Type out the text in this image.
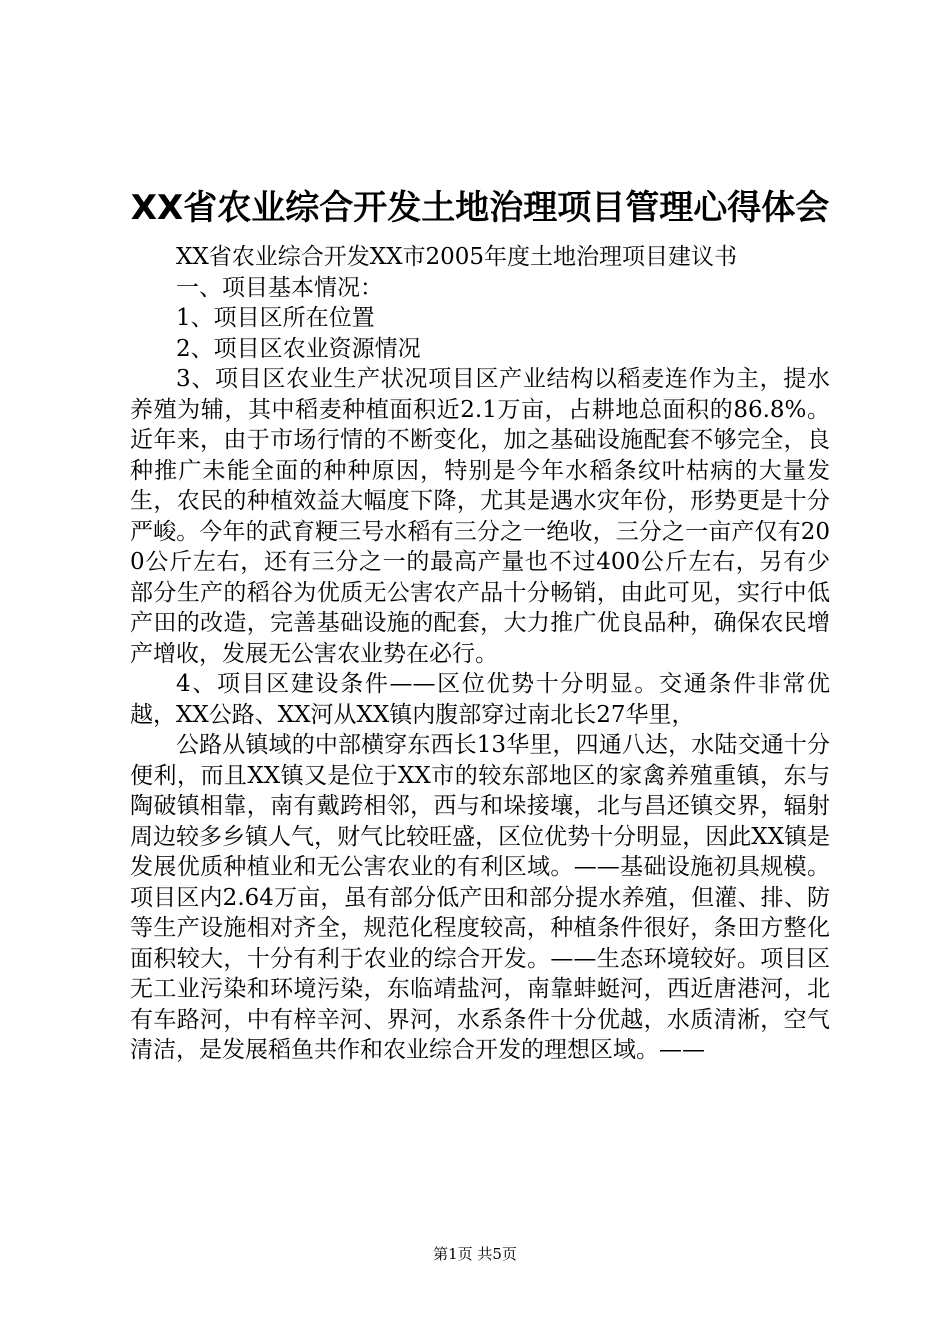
XX省农业综合开发土地治理项目管理心得体会

XX省农业综合开发XX市2005年度土地治理项目建议书

一、项目基本情况：

1、项目区所在位置

2、项目区农业资源情况

3、项目区农业生产状况项目区产业结构以稻麦连作为主，提水养殖为辅，其中稻麦种植面积近2.1万亩，占耕地总面积的86.8%。近年来，由于市场行情的不断变化，加之基础设施配套不够完全，良种推广未能全面的种种原因，特别是今年水稻条纹叶枯病的大量发生，农民的种植效益大幅度下降，尤其是遇水灾年份，形势更是十分严峻。今年的武育粳三号水稻有三分之一绝收，三分之一亩产仅有200公斤左右，还有三分之一的最高产量也不过400公斤左右，另有少部分生产的稻谷为优质无公害农产品十分畅销，由此可见，实行中低产田的改造，完善基础设施的配套，大力推广优良品种，确保农民增产增收，发展无公害农业势在必行。

4、项目区建设条件——区位优势十分明显。交通条件非常优越，XX公路、XX河从XX镇内腹部穿过南北长27华里，

公路从镇域的中部横穿东西长13华里，四通八达，水陆交通十分便利，而且XX镇又是位于XX市的较东部地区的家禽养殖重镇，东与陶破镇相靠，南有戴跨相邻，西与和垛接壤，北与昌还镇交界，辐射周边较多乡镇人气，财气比较旺盛，区位优势十分明显，因此XX镇是发展优质种植业和无公害农业的有利区域。——基础设施初具规模。项目区内2.64万亩，虽有部分低产田和部分提水养殖，但灌、排、防等生产设施相对齐全，规范化程度较高，种植条件很好，条田方整化面积较大，十分有利于农业的综合开发。——生态环境较好。项目区无工业污染和环境污染，东临靖盐河，南靠蚌蜓河，西近唐港河，北有车路河，中有梓辛河、界河，水系条件十分优越，水质清淅，空气清洁，是发展稻鱼共作和农业综合开发的理想区域。——

第1页 共5页
